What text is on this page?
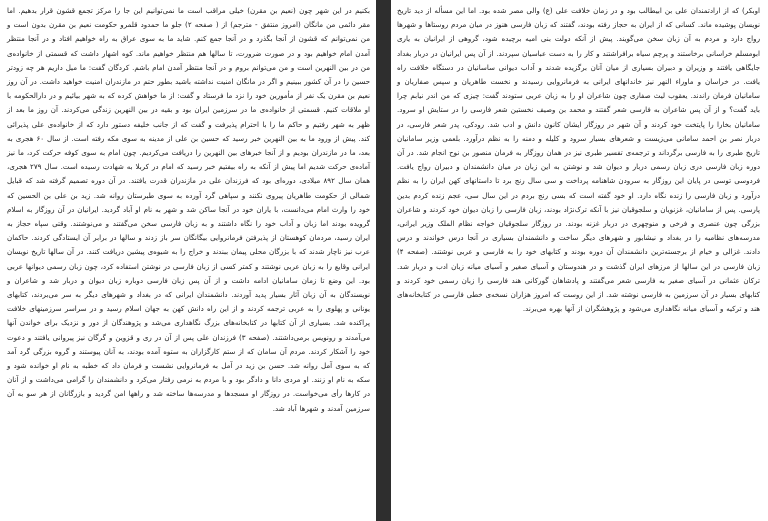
بکنیم در این شهر چون (نعیم بن مقرن) خیلی مراقب است ما نمی‌توانیم این جا را مرکز تجمع قشون قرار بدهیم. اما مقر دائمی من مانگان (امروز منتفق - مترجم) از ( صفحه ۲) جلو ما حمدود قلمرو حکومت نعیم بن مقرن بدون است و من نمی‌توانم که قشون از آنجا بگذرد و در آنجا جمع کنم. شاید ما به سوی عراق به راه خواهیم افتاد و در آنجا منتظر آمدن امام خواهیم بود و در صورت ضرورت، تا سالها هم منتظر خواهیم ماند. کوه اشهار داشت که قسمتی از خانواده‌ی من در بین النهرین است و من می‌توانم بروم و در آنجا منتظر آمدن امام باشم. کردگان گفت: ما میل داریم هر چه زودتر حسین را در آن کشور ببینیم و اگر در مانگان امنیت نداشته باشید بطور حتم در مازندران امنیت خواهید داشت. در آن روز نعیم بن مقرن یک نفر از مأمورین خود را نزد ما فرستاد و گفت: از ما خواهش کرده که به شهر بیائیم و در دارالحکومه با او ملاقات کنیم. قسمتی از خانواده‌ی ما در سرزمین ایران بود و بقیه در بین النهرین زندگی می‌کردند. آن روز ما بعد از ظهر به شهر رفتیم و حاکم ما را با احترام پذیرفت و گفت که از جانب خلیفه دستور دارد که از خانواده‌ی علی پذیرائی کند. پیش از ورود ما به بین النهرین خبر رسید که حسین بن علی از مدینه به سوی مکه رفته است. از سال ۶۰ هجری به بعد، ما در مازندران بودیم و از آنجا خبرهای بین النهرین را دریافت می‌کردیم. چون امام به سوی کوفه حرکت کرد، ما نیز آماده‌ی حرکت شدیم اما پیش از آنکه به راه بیفتیم خبر رسید که امام در کربلا به شهادت رسیده است. سال ۲۷۹ هجری، همان سال ۸۹۲ میلادی، دوره‌ای بود که فرزندان علی در مازندران قدرت یافتند. در آن دوره تصمیم گرفته شد که قبایل شمالی از حکومت طاهریان پیروی نکنند و سپاهی گرد آورده به سوی طبرستان روانه شد. زید بن علی بن الحسین که خود را وارث امام می‌دانست، با یاران خود در آنجا ساکن شد و شهر به نام او آباد گردید. ایرانیان در آن روزگار به اسلام گرویده بودند اما زبان و آداب خود را نگاه داشتند و به زبان فارسی سخن می‌گفتند و می‌نوشتند. وقتی سپاه حجاز به ایران رسید، مردمان کوهستان از پذیرفتن فرمانروایی بیگانگان سر باز زدند و سالها در برابر آن ایستادگی کردند. حاکمان عرب نیز ناچار شدند که با بزرگان محلی پیمان ببندند و خراج را به شیوه‌ی پیشین دریافت کنند. در آن سالها تاریخ نویسان ایرانی وقایع را به زبان عربی نوشتند و کمتر کسی از زبان فارسی در نوشتن استفاده کرد، چون زبان رسمی دیوانها عربی بود. این وضع تا زمان سامانیان ادامه داشت و از آن پس زبان فارسی دوباره زبان دیوان و دربار شد و شاعران و نویسندگان به آن زبان آثار بسیار پدید آوردند. دانشمندان ایرانی که در بغداد و شهرهای دیگر به سر می‌بردند، کتابهای یونانی و پهلوی را به عربی ترجمه کردند و از این راه دانش کهن به جهان اسلام رسید و در سراسر سرزمینهای خلافت پراکنده شد. بسیاری از آن کتابها در کتابخانه‌های بزرگ نگاهداری می‌شد و پژوهندگان از دور و نزدیک برای خواندن آنها می‌آمدند و رونویس برمی‌داشتند. (صفحه ۳) فرزندان علی پس از آن در ری و قزوین و گرگان نیز پیروانی یافتند و دعوت خود را آشکار کردند. مردم آن سامان که از ستم کارگزاران به ستوه آمده بودند، به آنان پیوستند و گروه بزرگی گرد آمد که به سوی آمل روانه شد. حسن بن زید در آمل به فرمانروایی نشست و فرمان داد که خطبه به نام او خوانده شود و سکه به نام او زنند. او مردی دانا و دادگر بود و با مردم به نرمی رفتار می‌کرد و دانشمندان را گرامی می‌داشت و از آنان در کارها رأی می‌خواست. در روزگار او مسجدها و مدرسه‌ها ساخته شد و راهها امن گردید و بازرگانان از هر سو به آن سرزمین آمدند و شهرها آباد شد.

اوبکر) که از ارادتمندان علی بن ابیطالب بود و در زمان خلافت علی (ع) والی مصر شده بود. اما این مسأله از دید تاریخ نویسان پوشیده ماند. کسانی که از ایران به حجاز رفته بودند، گفتند که زبان فارسی هنوز در میان مردم روستاها و شهرها رواج دارد و مردم به آن زبان سخن می‌گویند. پیش از آنکه دولت بنی امیه برچیده شود، گروهی از ایرانیان به یاری ابومسلم خراسانی برخاستند و پرچم سیاه برافراشتند و کار را به دست عباسیان سپردند. از آن پس ایرانیان در دربار بغداد جایگاهی یافتند و وزیران و دبیران بسیاری از میان آنان برگزیده شدند و آداب دیوانی ساسانیان در دستگاه خلافت راه یافت. در خراسان و ماوراء النهر نیز خاندانهای ایرانی به فرمانروایی رسیدند و نخست طاهریان و سپس صفاریان و سامانیان فرمان راندند. یعقوب لیث صفاری چون شاعران او را به زبان عربی ستودند گفت: چیزی که من اندر نیابم چرا باید گفت؟ و از آن پس شاعران به فارسی شعر گفتند و محمد بن وصیف نخستین شعر فارسی را در ستایش او سرود. سامانیان بخارا را پایتخت خود کردند و آن شهر در روزگار ایشان کانون دانش و ادب شد. رودکی، پدر شعر فارسی، در دربار نصر بن احمد سامانی می‌زیست و شعرهای بسیار سرود و کلیله و دمنه را به نظم درآورد. بلعمی وزیر سامانیان تاریخ طبری را به فارسی برگرداند و ترجمه‌ی تفسیر طبری نیز در همان روزگار به فرمان منصور بن نوح انجام شد. در آن دوره زبان فارسی دری زبان رسمی دربار و دیوان شد و نوشتن به این زبان در میان دانشمندان و دبیران رواج یافت. فردوسی توسی در پایان این روزگار به سرودن شاهنامه پرداخت و سی سال رنج برد تا داستانهای کهن ایران را به نظم درآورد و زبان فارسی را زنده نگاه دارد. او خود گفته است که بسی رنج بردم در این سال سی، عجم زنده کردم بدین پارسی. پس از سامانیان، غزنویان و سلجوقیان نیز با آنکه ترک‌نژاد بودند، زبان فارسی را زبان دیوان خود کردند و شاعران بزرگی چون عنصری و فرخی و منوچهری در دربار غزنه بودند. در روزگار سلجوقیان خواجه نظام الملک وزیر ایرانی، مدرسه‌های نظامیه را در بغداد و نیشابور و شهرهای دیگر ساخت و دانشمندان بسیاری در آنجا درس خواندند و درس دادند. غزالی و خیام از برجسته‌ترین دانشمندان آن دوره بودند و کتابهای خود را به فارسی و عربی نوشتند. (صفحه ۴) زبان فارسی در این سالها از مرزهای ایران گذشت و در هندوستان و آسیای صغیر و آسیای میانه زبان ادب و دربار شد. ترکان عثمانی در آسیای صغیر به فارسی شعر می‌گفتند و پادشاهان گورکانی هند فارسی را زبان رسمی خود کردند و کتابهای بسیار در آن سرزمین به فارسی نوشته شد. از این روست که امروز هزاران نسخه‌ی خطی فارسی در کتابخانه‌های هند و ترکیه و آسیای میانه نگاهداری می‌شود و پژوهشگران از آنها بهره می‌برند.
